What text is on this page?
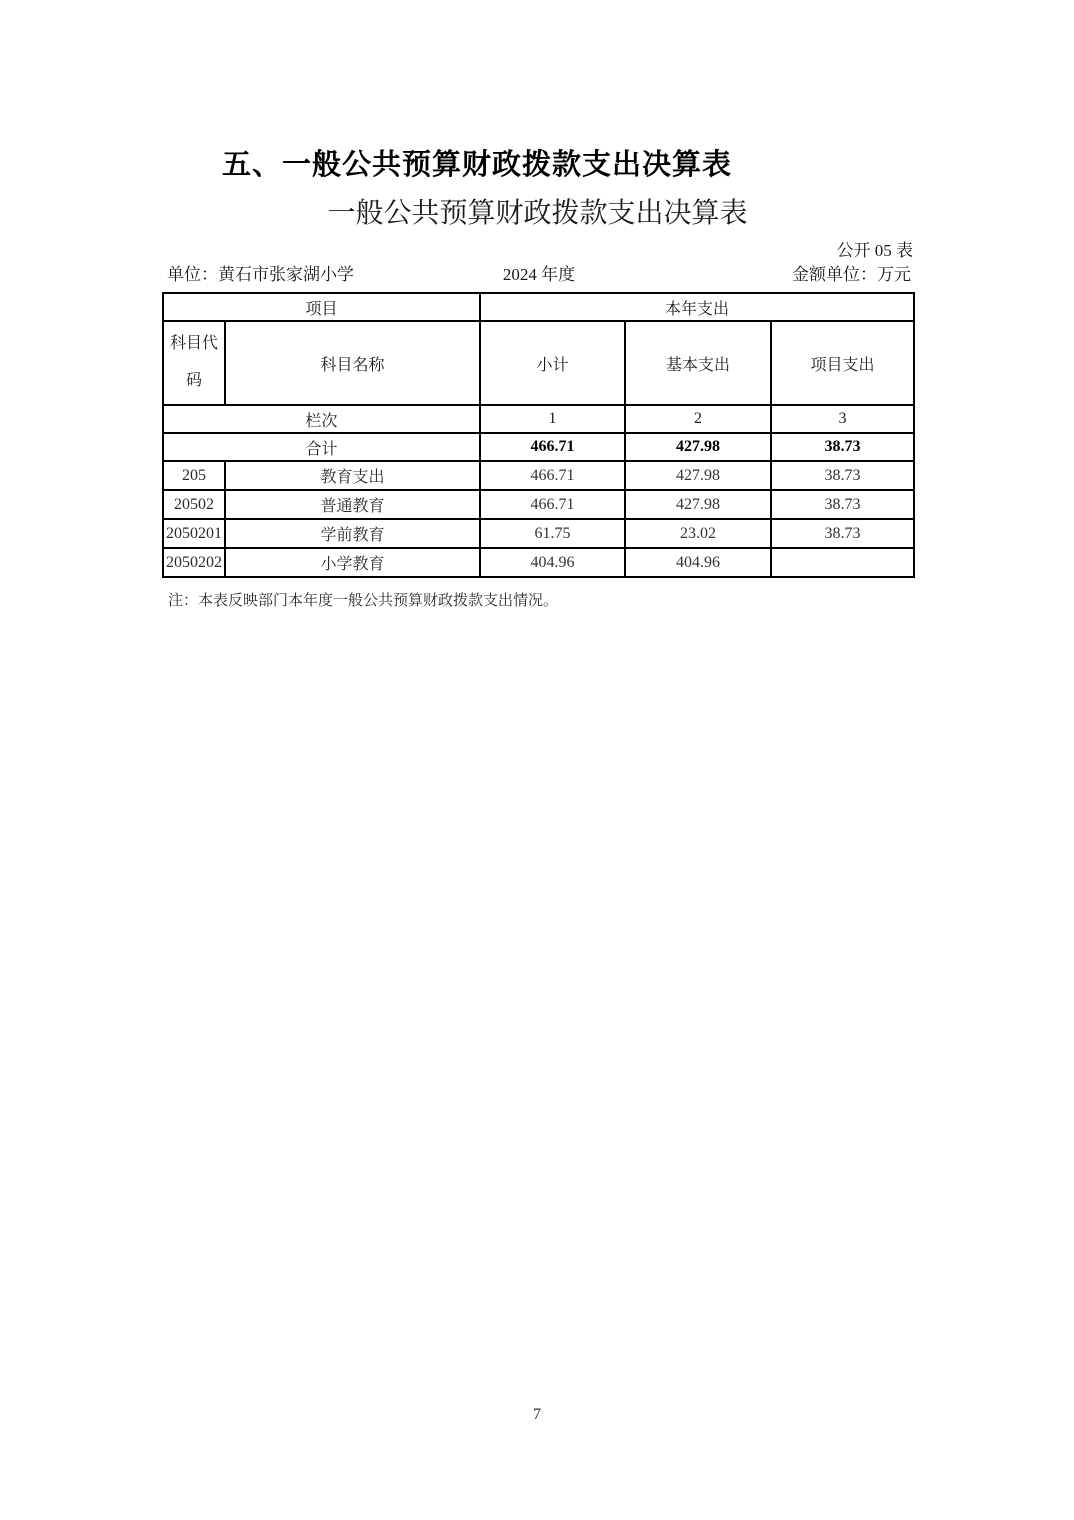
五、一般公共预算财政拨款支出决算表
一般公共预算财政拨款支出决算表
公开 05 表
单位：黄石市张家湖小学	2024 年度	金额单位：万元
项目		本年支出		
科目代码	科目名称	小计	基本支出	项目支出
栏次		1	2	3
合计		466.71	427.98	38.73
205	教育支出	466.71	427.98	38.73
20502	普通教育	466.71	427.98	38.73
2050201	学前教育	61.75	23.02	38.73
2050202	小学教育	404.96	404.96	
注：本表反映部门本年度一般公共预算财政拨款支出情况。
7
